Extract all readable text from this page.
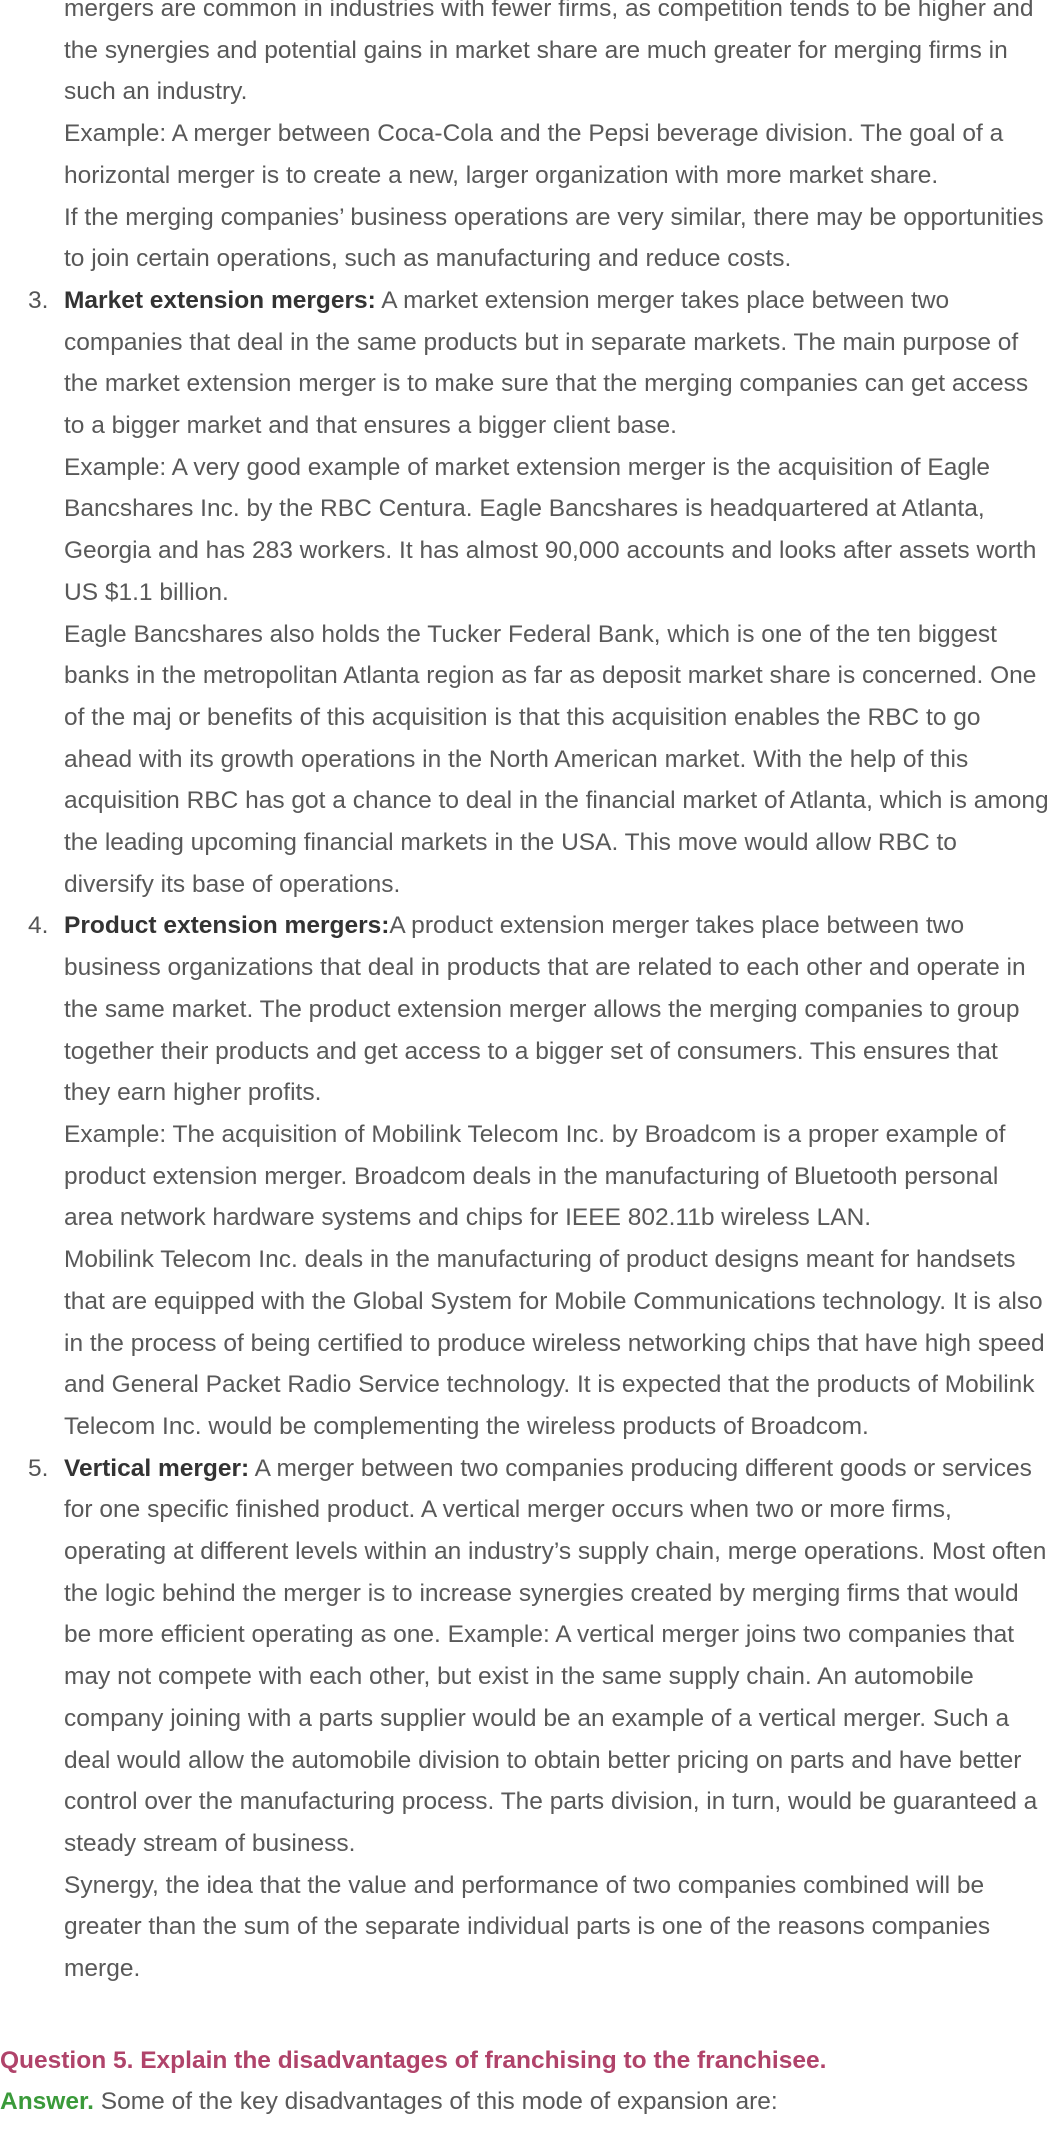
mergers are common in industries with fewer firms, as competition tends to be higher and the synergies and potential gains in market share are much greater for merging firms in such an industry.

Example: A merger between Coca-Cola and the Pepsi beverage division. The goal of a horizontal merger is to create a new, larger organization with more market share.

If the merging companies’ business operations are very similar, there may be opportunities to join certain operations, such as manufacturing and reduce costs.

3. Market extension mergers: A market extension merger takes place between two companies that deal in the same products but in separate markets. The main purpose of the market extension merger is to make sure that the merging companies can get access to a bigger market and that ensures a bigger client base.

Example: A very good example of market extension merger is the acquisition of Eagle Bancshares Inc. by the RBC Centura. Eagle Bancshares is headquartered at Atlanta, Georgia and has 283 workers. It has almost 90,000 accounts and looks after assets worth US $1.1 billion.

Eagle Bancshares also holds the Tucker Federal Bank, which is one of the ten biggest banks in the metropolitan Atlanta region as far as deposit market share is concerned. One of the maj or benefits of this acquisition is that this acquisition enables the RBC to go ahead with its growth operations in the North American market. With the help of this acquisition RBC has got a chance to deal in the financial market of Atlanta, which is among the leading upcoming financial markets in the USA. This move would allow RBC to diversify its base of operations.

4. Product extension mergers:A product extension merger takes place between two business organizations that deal in products that are related to each other and operate in the same market. The product extension merger allows the merging companies to group together their products and get access to a bigger set of consumers. This ensures that they earn higher profits.

Example: The acquisition of Mobilink Telecom Inc. by Broadcom is a proper example of product extension merger. Broadcom deals in the manufacturing of Bluetooth personal area network hardware systems and chips for IEEE 802.11b wireless LAN.

Mobilink Telecom Inc. deals in the manufacturing of product designs meant for handsets that are equipped with the Global System for Mobile Communications technology. It is also in the process of being certified to produce wireless networking chips that have high speed and General Packet Radio Service technology. It is expected that the products of Mobilink Telecom Inc. would be complementing the wireless products of Broadcom.

5. Vertical merger: A merger between two companies producing different goods or services for one specific finished product. A vertical merger occurs when two or more firms, operating at different levels within an industry’s supply chain, merge operations. Most often the logic behind the merger is to increase synergies created by merging firms that would be more efficient operating as one. Example: A vertical merger joins two companies that may not compete with each other, but exist in the same supply chain. An automobile company joining with a parts supplier would be an example of a vertical merger. Such a deal would allow the automobile division to obtain better pricing on parts and have better control over the manufacturing process. The parts division, in turn, would be guaranteed a steady stream of business.

Synergy, the idea that the value and performance of two companies combined will be greater than the sum of the separate individual parts is one of the reasons companies merge.

Question 5. Explain the disadvantages of franchising to the franchisee.

Answer. Some of the key disadvantages of this mode of expansion are:
